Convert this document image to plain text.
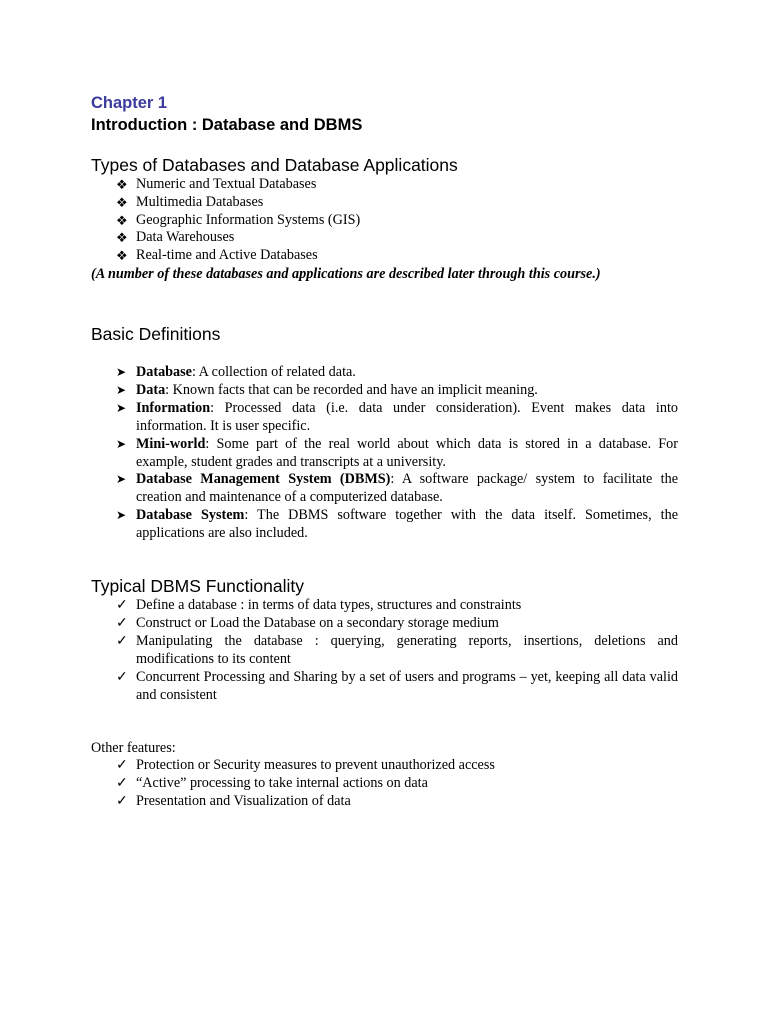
Chapter 1
Introduction : Database and DBMS
Types of Databases and Database Applications
❖ Numeric and Textual Databases
❖ Multimedia Databases
❖ Geographic Information Systems (GIS)
❖ Data Warehouses
❖ Real-time and Active Databases
(A number of these databases and applications are described later through this course.)
Basic Definitions
➤ Database: A collection of related data.
➤ Data: Known facts that can be recorded and have an implicit meaning.
➤ Information: Processed data (i.e. data under consideration). Event makes data into information. It is user specific.
➤ Mini-world: Some part of the real world about which data is stored in a database. For example, student grades and transcripts at a university.
➤ Database Management System (DBMS): A software package/ system to facilitate the creation and maintenance of a computerized database.
➤ Database System: The DBMS software together with the data itself. Sometimes, the applications are also included.
Typical DBMS Functionality
✓ Define a database : in terms of data types, structures and constraints
✓ Construct or Load the Database on a secondary storage medium
✓ Manipulating the database : querying, generating reports, insertions, deletions and modifications to its content
✓ Concurrent Processing and Sharing by a set of users and programs – yet, keeping all data valid and consistent
Other features:
✓ Protection or Security measures to prevent unauthorized access
✓ “Active” processing to take internal actions on data
✓ Presentation and Visualization of data
